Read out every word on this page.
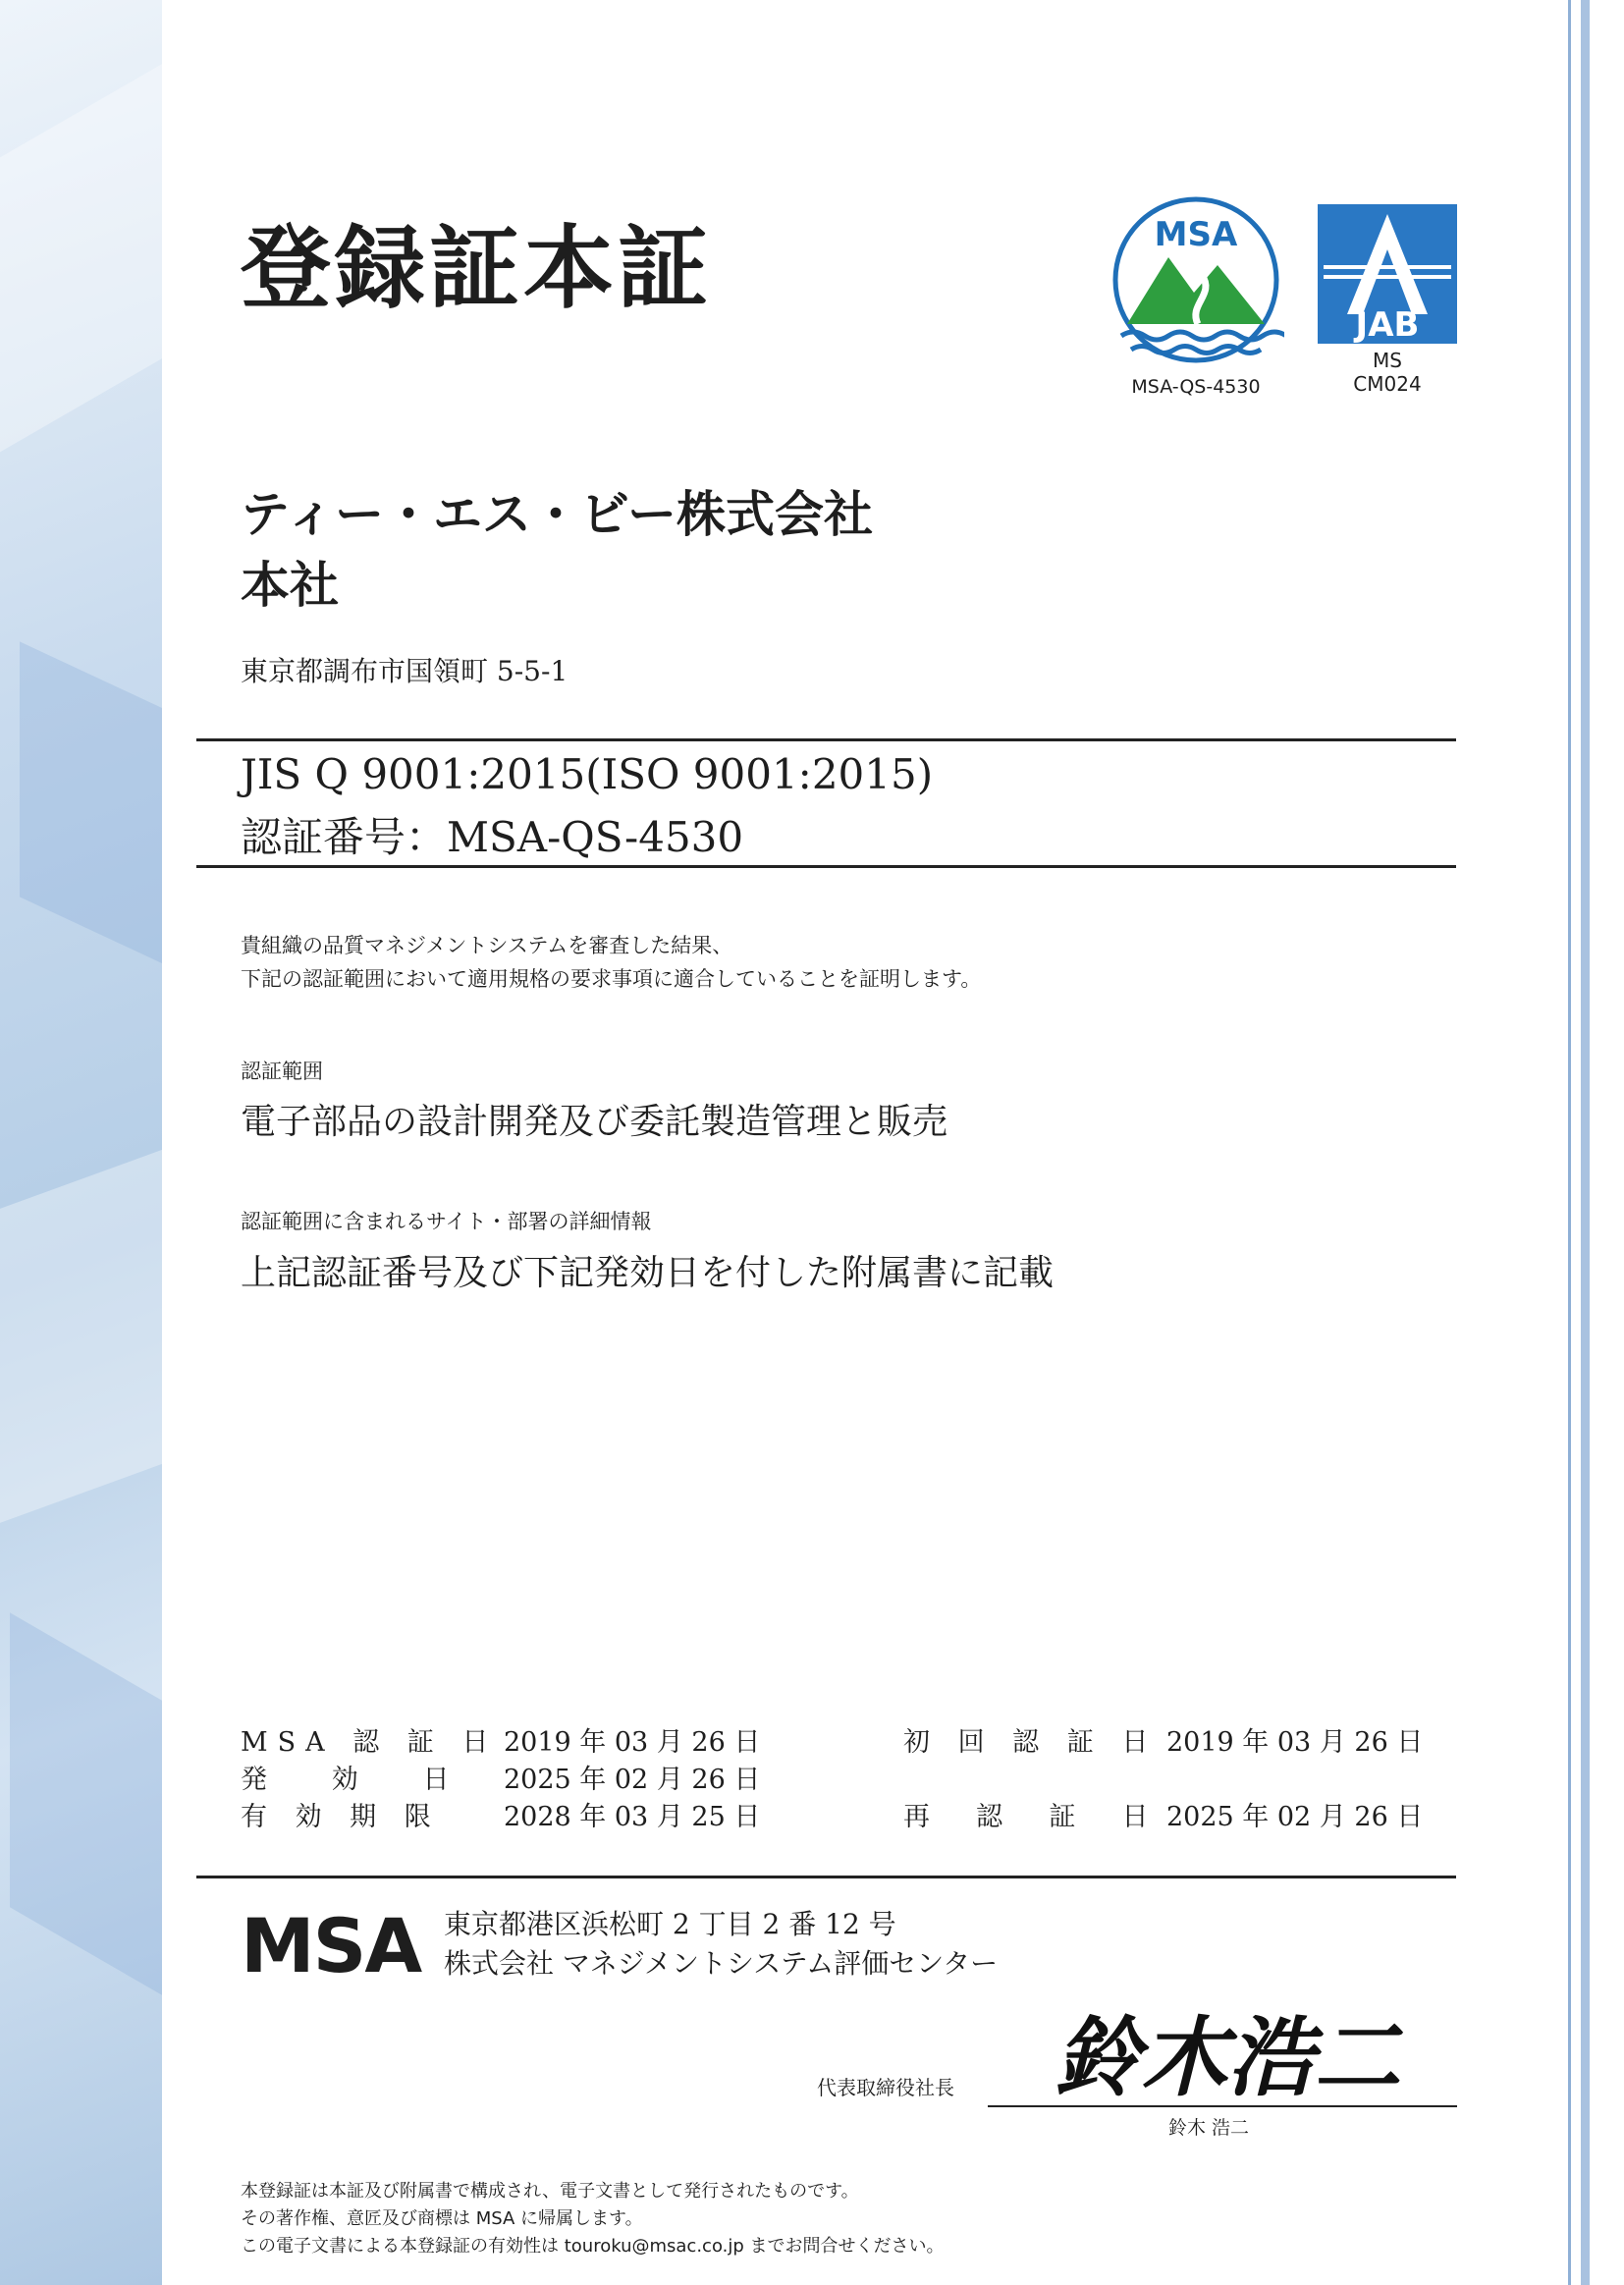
登録証本証	MSA
MSA-QS-4530
JAB
MS
CM024
ティー・エス・ビー株式会社
本社
東京都調布市国領町 5-5-1
JIS Q 9001:2015(ISO 9001:2015)
認証番号：MSA-QS-4530
貴組織の品質マネジメントシステムを審査した結果、
下記の認証範囲において適用規格の要求事項に適合していることを証明します。
認証範囲
電子部品の設計開発及び委託製造管理と販売
認証範囲に含まれるサイト・部署の詳細情報
上記認証番号及び下記発効日を付した附属書に記載
MSA 認 証 日 2019 年 03 月 26 日
発   効   日 2025 年 02 月 26 日
有 効 期 限 2028 年 03 月 25 日
初 回 認 証 日 2019 年 03 月 26 日
再  認  証  日 2025 年 02 月 26 日
MSA 東京都港区浜松町 2 丁目 2 番 12 号
株式会社 マネジメントシステム評価センター
代表取締役社長 鈴木浩二
鈴木 浩二
本登録証は本証及び附属書で構成され、電子文書として発行されたものです。
その著作権、意匠及び商標は MSA に帰属します。
この電子文書による本登録証の有効性は touroku@msac.co.jp までお問合せください。
